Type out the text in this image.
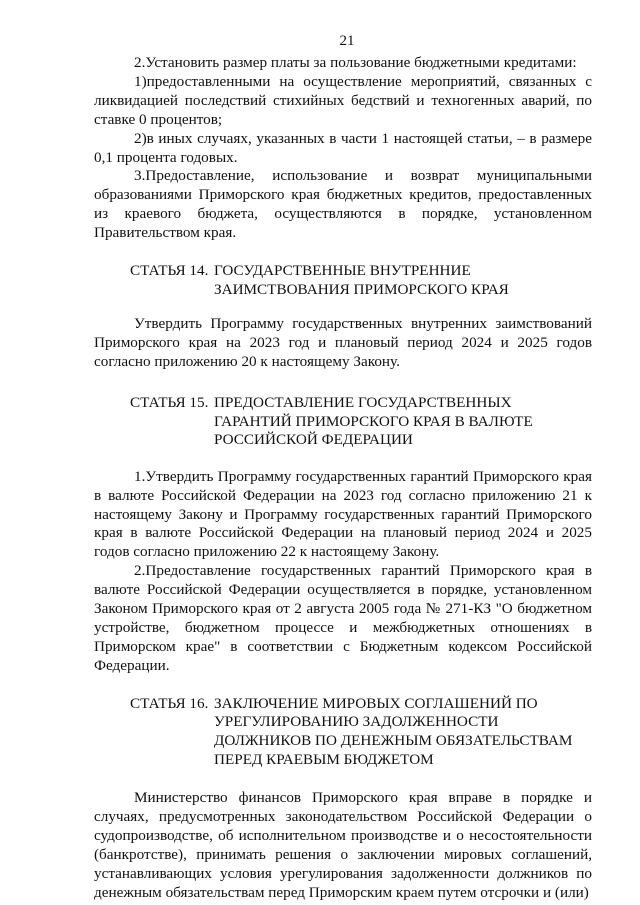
21

2.Установить размер платы за пользование бюджетными кредитами:

1)предоставленными на осуществление мероприятий, связанных с ликвидацией последствий стихийных бедствий и техногенных аварий, по ставке 0 процентов;

2)в иных случаях, указанных в части 1 настоящей статьи, – в размере 0,1 процента годовых.

3.Предоставление, использование и возврат муниципальными образованиями Приморского края бюджетных кредитов, предоставленных из краевого бюджета, осуществляются в порядке, установленном Правительством края.

СТАТЬЯ 14. ГОСУДАРСТВЕННЫЕ ВНУТРЕННИЕ ЗАИМСТВОВАНИЯ ПРИМОРСКОГО КРАЯ

Утвердить Программу государственных внутренних заимствований Приморского края на 2023 год и плановый период 2024 и 2025 годов согласно приложению 20 к настоящему Закону.

СТАТЬЯ 15. ПРЕДОСТАВЛЕНИЕ ГОСУДАРСТВЕННЫХ ГАРАНТИЙ ПРИМОРСКОГО КРАЯ В ВАЛЮТЕ РОССИЙСКОЙ ФЕДЕРАЦИИ

1.Утвердить Программу государственных гарантий Приморского края в валюте Российской Федерации на 2023 год согласно приложению 21 к настоящему Закону и Программу государственных гарантий Приморского края в валюте Российской Федерации на плановый период 2024 и 2025 годов согласно приложению 22 к настоящему Закону.

2.Предоставление государственных гарантий Приморского края в валюте Российской Федерации осуществляется в порядке, установленном Законом Приморского края от 2 августа 2005 года № 271-КЗ "О бюджетном устройстве, бюджетном процессе и межбюджетных отношениях в Приморском крае" в соответствии с Бюджетным кодексом Российской Федерации.

СТАТЬЯ 16. ЗАКЛЮЧЕНИЕ МИРОВЫХ СОГЛАШЕНИЙ ПО УРЕГУЛИРОВАНИЮ ЗАДОЛЖЕННОСТИ ДОЛЖНИКОВ ПО ДЕНЕЖНЫМ ОБЯЗАТЕЛЬСТВАМ ПЕРЕД КРАЕВЫМ БЮДЖЕТОМ

Министерство финансов Приморского края вправе в порядке и случаях, предусмотренных законодательством Российской Федерации о судопроизводстве, об исполнительном производстве и о несостоятельности (банкротстве), принимать решения о заключении мировых соглашений, устанавливающих условия урегулирования задолженности должников по денежным обязательствам перед Приморским краем путем отсрочки и (или)
